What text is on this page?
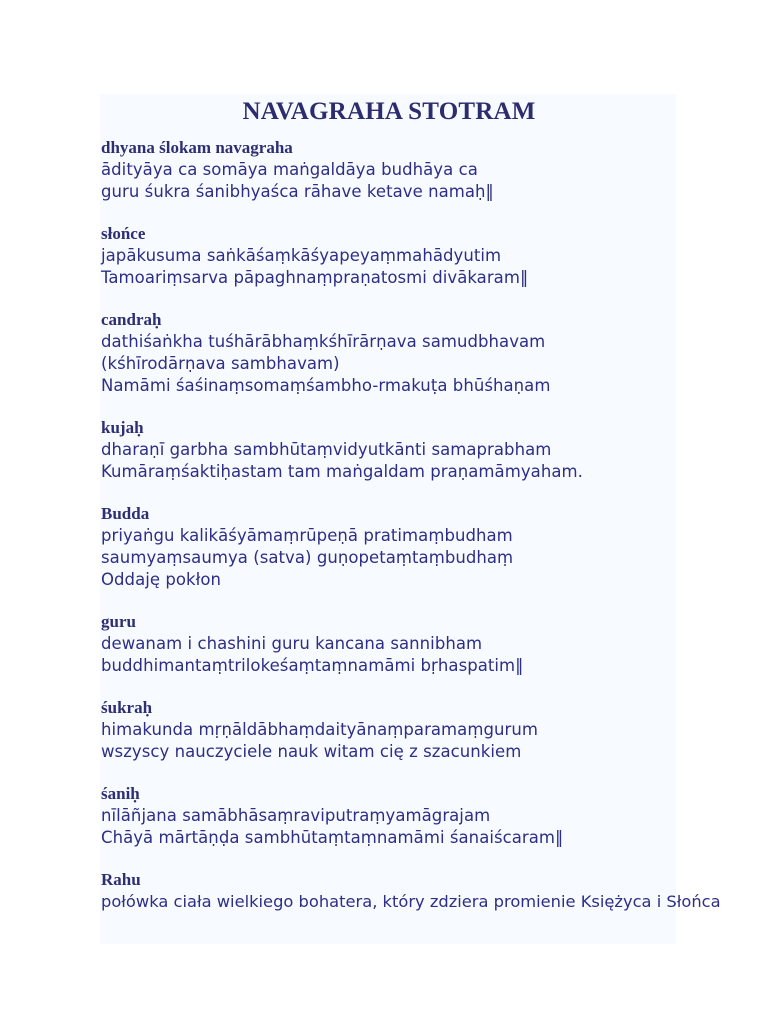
NAVAGRAHA STOTRAM
dhyana ślokam navagraha
ādityāya ca somāya maṅgaldāya budhāya ca
guru śukra śanibhyaśca rāhave ketave namaḥ‖
słońce
japākusuma saṅkāśaṃkāśyapeyaṃmahādyutim
Tamoariṃsarva pāpaghnaṃpraṇatosmi divākaram‖
candraḥ
dathiśaṅkha tuśhārābhaṃkśhīrārṇava samudbhavam
(kśhīrodārṇava sambhavam)
Namāmi śaśinaṃsomaṃśambho-rmakuṭa bhūśhaṇam
kujaḥ
dharaṇī garbha sambhūtaṃvidyutkānti samaprabham
Kumāraṃśaktiḥastam tam maṅgaldam praṇamāmyaham.
Budda
priyaṅgu kalikāśyāmaṃrūpeṇā pratimaṃbudham
saumyaṃsaumya (satva) guṇopetaṃtaṃbudhaṃ
Oddaję pokłon
guru
dewanam i chashini guru kancana sannibham
buddhimantaṃtrilokeśaṃtaṃnamāmi bṛhaspatim‖
śukraḥ
himakunda mṛṇāldābhaṃdaityānaṃparamaṃgurum
wszyscy nauczyciele nauk witam cię z szacunkiem
śaniḥ
nīlāñjana samābhāsaṃraviputraṃyamāgrajam
Chāyā mārtāṇḍa sambhūtaṃtaṃnamāmi śanaiścaram‖
Rahu
połówka ciała wielkiego bohatera, który zdziera promienie Księżyca i Słońca
